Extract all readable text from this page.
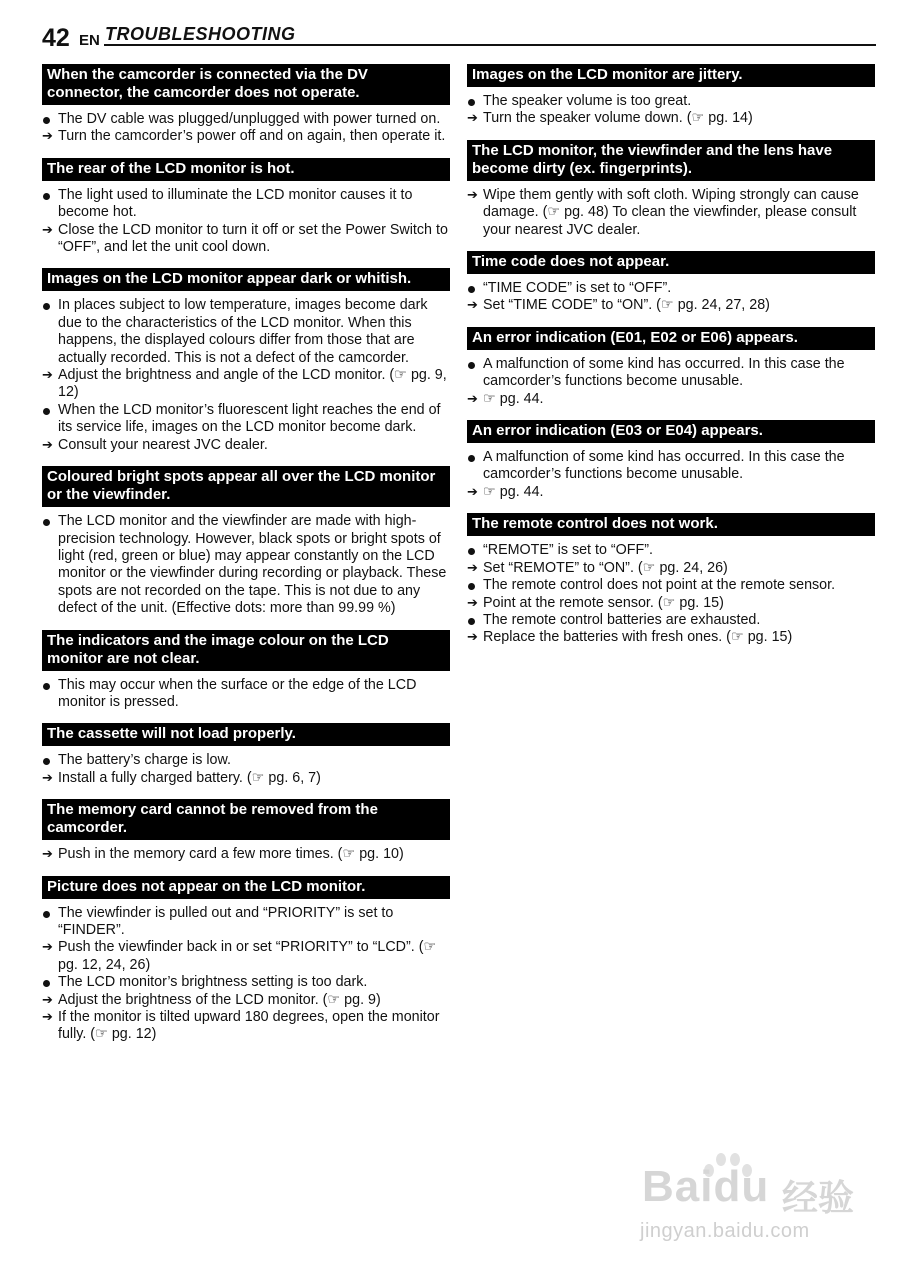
42 EN TROUBLESHOOTING
When the camcorder is connected via the DV connector, the camcorder does not operate.
The DV cable was plugged/unplugged with power turned on.
Turn the camcorder’s power off and on again, then operate it.
The rear of the LCD monitor is hot.
The light used to illuminate the LCD monitor causes it to become hot.
Close the LCD monitor to turn it off or set the Power Switch to “OFF”, and let the unit cool down.
Images on the LCD monitor appear dark or whitish.
In places subject to low temperature, images become dark due to the characteristics of the LCD monitor. When this happens, the displayed colours differ from those that are actually recorded. This is not a defect of the camcorder.
Adjust the brightness and angle of the LCD monitor. (☞ pg. 9, 12)
When the LCD monitor’s fluorescent light reaches the end of its service life, images on the LCD monitor become dark.
Consult your nearest JVC dealer.
Coloured bright spots appear all over the LCD monitor or the viewfinder.
The LCD monitor and the viewfinder are made with high-precision technology. However, black spots or bright spots of light (red, green or blue) may appear constantly on the LCD monitor or the viewfinder during recording or playback. These spots are not recorded on the tape. This is not due to any defect of the unit. (Effective dots: more than 99.99 %)
The indicators and the image colour on the LCD monitor are not clear.
This may occur when the surface or the edge of the LCD monitor is pressed.
The cassette will not load properly.
The battery’s charge is low.
Install a fully charged battery. (☞ pg. 6, 7)
The memory card cannot be removed from the camcorder.
Push in the memory card a few more times. (☞ pg. 10)
Picture does not appear on the LCD monitor.
The viewfinder is pulled out and “PRIORITY” is set to “FINDER”.
Push the viewfinder back in or set “PRIORITY” to “LCD”. (☞ pg. 12, 24, 26)
The LCD monitor’s brightness setting is too dark.
Adjust the brightness of the LCD monitor. (☞ pg. 9)
If the monitor is tilted upward 180 degrees, open the monitor fully. (☞ pg. 12)
Images on the LCD monitor are jittery.
The speaker volume is too great.
Turn the speaker volume down. (☞ pg. 14)
The LCD monitor, the viewfinder and the lens have become dirty (ex. fingerprints).
Wipe them gently with soft cloth. Wiping strongly can cause damage. (☞ pg. 48) To clean the viewfinder, please consult your nearest JVC dealer.
Time code does not appear.
“TIME CODE” is set to “OFF”.
Set “TIME CODE” to “ON”. (☞ pg. 24, 27, 28)
An error indication (E01, E02 or E06) appears.
A malfunction of some kind has occurred. In this case the camcorder’s functions become unusable.
☞ pg. 44.
An error indication (E03 or E04) appears.
A malfunction of some kind has occurred. In this case the camcorder’s functions become unusable.
☞ pg. 44.
The remote control does not work.
“REMOTE” is set to “OFF”.
Set “REMOTE” to “ON”. (☞ pg. 24, 26)
The remote control does not point at the remote sensor.
Point at the remote sensor. (☞ pg. 15)
The remote control batteries are exhausted.
Replace the batteries with fresh ones. (☞ pg. 15)
Baidu 经验
jingyan.baidu.com
